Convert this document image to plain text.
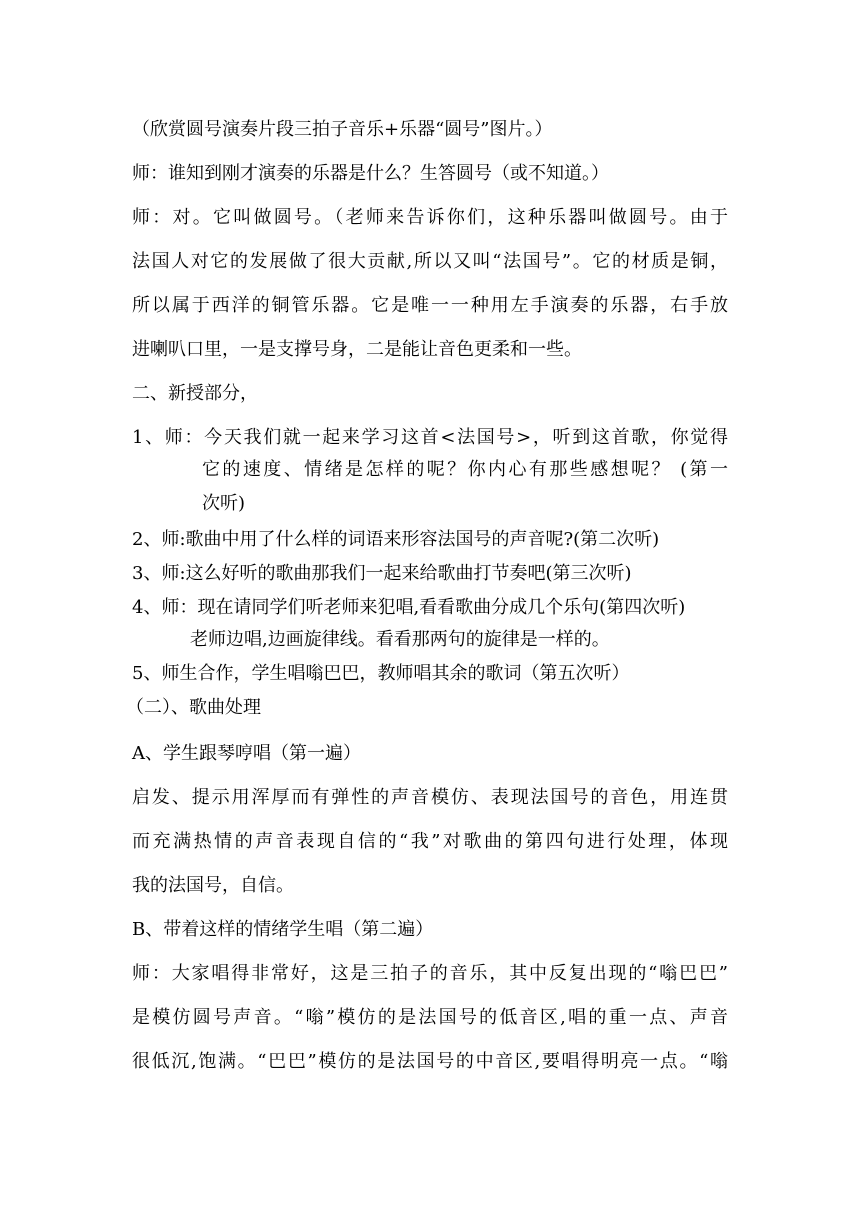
（欣赏圆号演奏片段三拍子音乐+乐器“圆号”图片。）
师：谁知到刚才演奏的乐器是什么？生答圆号（或不知道。）
师：对。它叫做圆号。（老师来告诉你们，这种乐器叫做圆号。由于
法国人对它的发展做了很大贡献,所以又叫“法国号”。它的材质是铜，
所以属于西洋的铜管乐器。它是唯一一种用左手演奏的乐器，右手放
进喇叭口里，一是支撑号身，二是能让音色更柔和一些。
二、新授部分，
1、师：今天我们就一起来学习这首<法国号>，听到这首歌，你觉得
它的速度、情绪是怎样的呢？你内心有那些感想呢？ (第一
次听)
2、师:歌曲中用了什么样的词语来形容法国号的声音呢?(第二次听)
3、师:这么好听的歌曲那我们一起来给歌曲打节奏吧(第三次听)
4、师：现在请同学们听老师来犯唱,看看歌曲分成几个乐句(第四次听)
老师边唱,边画旋律线。看看那两句的旋律是一样的。
5、师生合作，学生唱嗡巴巴，教师唱其余的歌词（第五次听）
（二）、歌曲处理
A、学生跟琴哼唱（第一遍）
启发、提示用浑厚而有弹性的声音模仿、表现法国号的音色，用连贯
而充满热情的声音表现自信的“我”对歌曲的第四句进行处理，体现
我的法国号，自信。
B、带着这样的情绪学生唱（第二遍）
师：大家唱得非常好，这是三拍子的音乐，其中反复出现的“嗡巴巴”
是模仿圆号声音。“嗡”模仿的是法国号的低音区,唱的重一点、声音
很低沉,饱满。“巴巴”模仿的是法国号的中音区,要唱得明亮一点。“嗡
